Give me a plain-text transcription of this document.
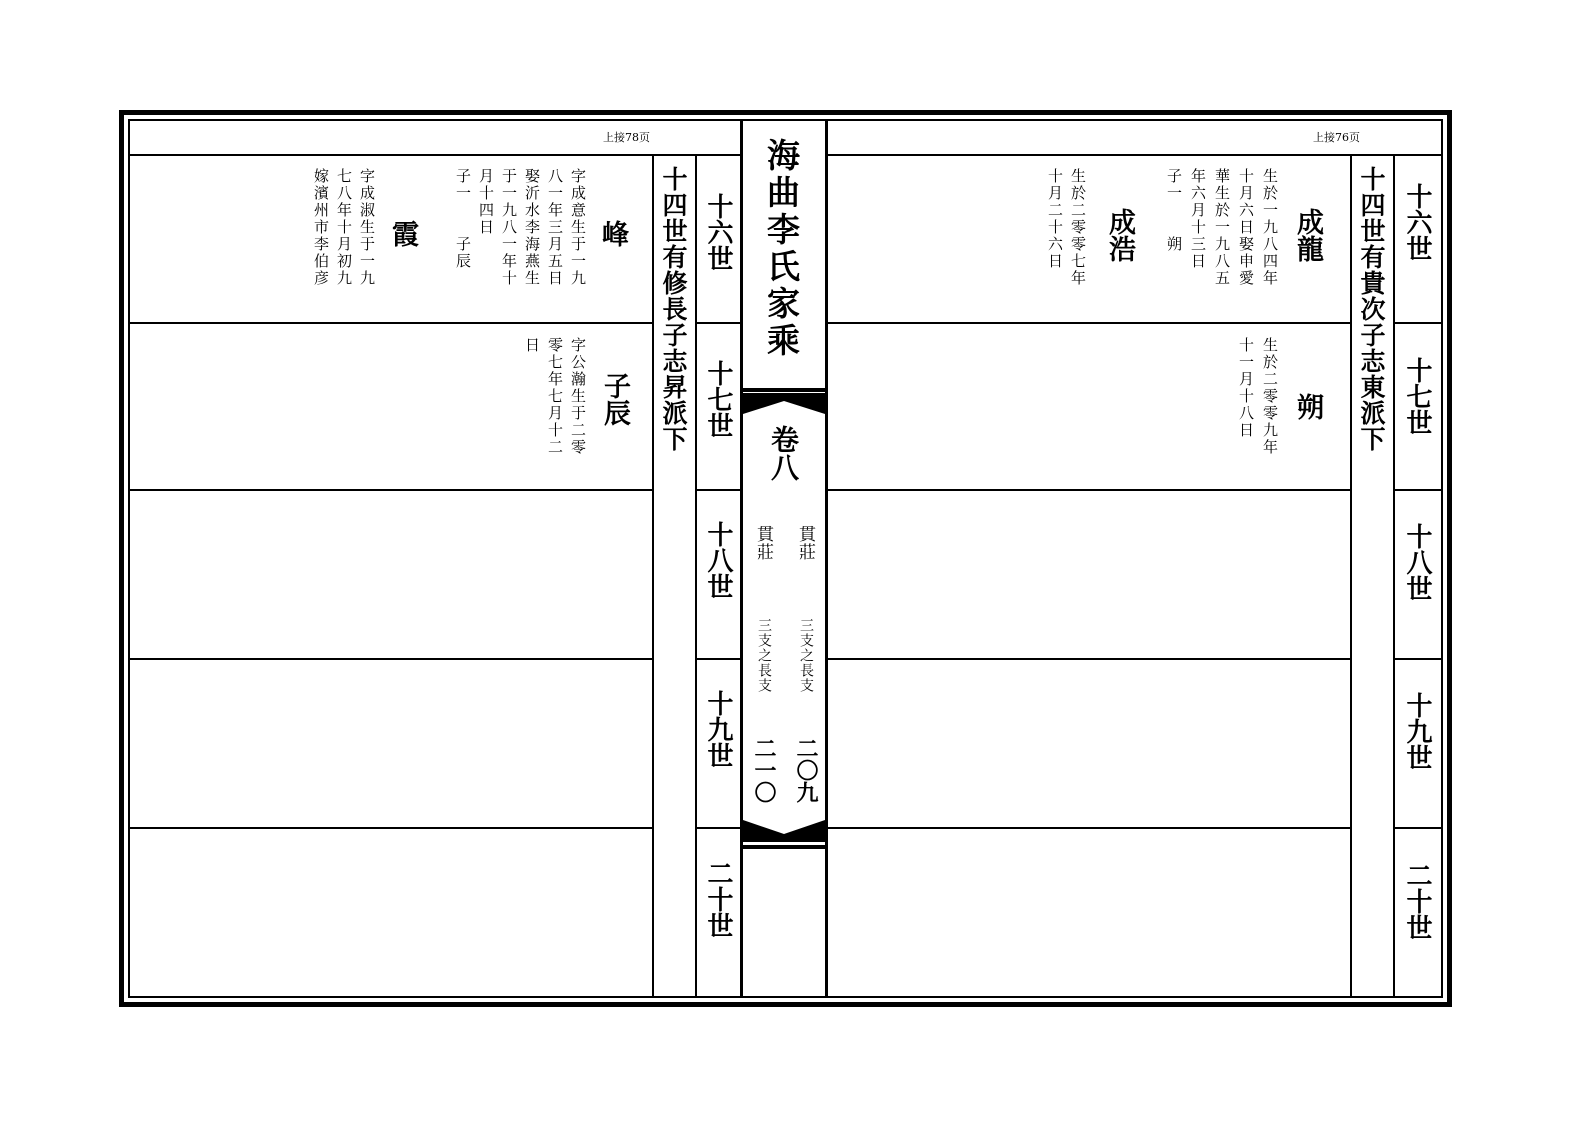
海曲李氏家乘
卷八
貫莊
貫莊
三支之長支
三支之長支
二〇九
二一〇
上接78页	上接76页
十四世有修長子志昇派下	十四世有貴次子志東派下
十六世
十七世
十八世
十九世
二十世
十六世
十七世
十八世
十九世
二十世
成龍
生於一九八四年
十月六日娶申愛
華生於一九八五
年六月十三日
子一　　朔
成浩
生於二零零七年
十月二十六日
朔
生於二零零九年
十一月十八日
峰
字成意生于一九
八一年三月五日
娶沂水李海燕生
于一九八一年十
月十四日
子一　　子辰
霞
字成淑生于一九
七八年十月初九
嫁濱州市李伯彦
子辰
字公瀚生于二零
零七年七月十二
日
